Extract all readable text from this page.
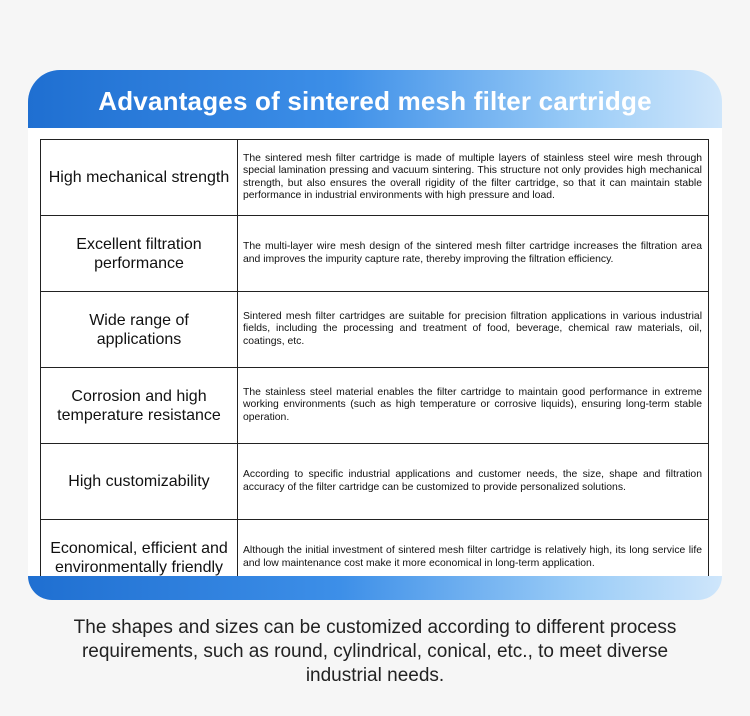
Advantages of sintered mesh filter cartridge
High mechanical strength	The sintered mesh filter cartridge is made of multiple layers of stainless steel wire mesh through special lamination pressing and vacuum sintering. This structure not only provides high mechanical strength, but also ensures the overall rigidity of the filter cartridge, so that it can maintain stable performance in industrial environments with high pressure and load.
Excellent filtration performance	The multi-layer wire mesh design of the sintered mesh filter cartridge increases the filtration area and improves the impurity capture rate, thereby improving the filtration efficiency.
Wide range of applications	Sintered mesh filter cartridges are suitable for precision filtration applications in various industrial fields, including the processing and treatment of food, beverage, chemical raw materials, oil, coatings, etc.
Corrosion and high temperature resistance	The stainless steel material enables the filter cartridge to maintain good performance in extreme working environments (such as high temperature or corrosive liquids), ensuring long-term stable operation.
High customizability	According to specific industrial applications and customer needs, the size, shape and filtration accuracy of the filter cartridge can be customized to provide personalized solutions.
Economical, efficient and environmentally friendly	Although the initial investment of sintered mesh filter cartridge is relatively high, its long service life and low maintenance cost make it more economical in long-term application.
The shapes and sizes can be customized according to different process requirements, such as round, cylindrical, conical, etc., to meet diverse industrial needs.
